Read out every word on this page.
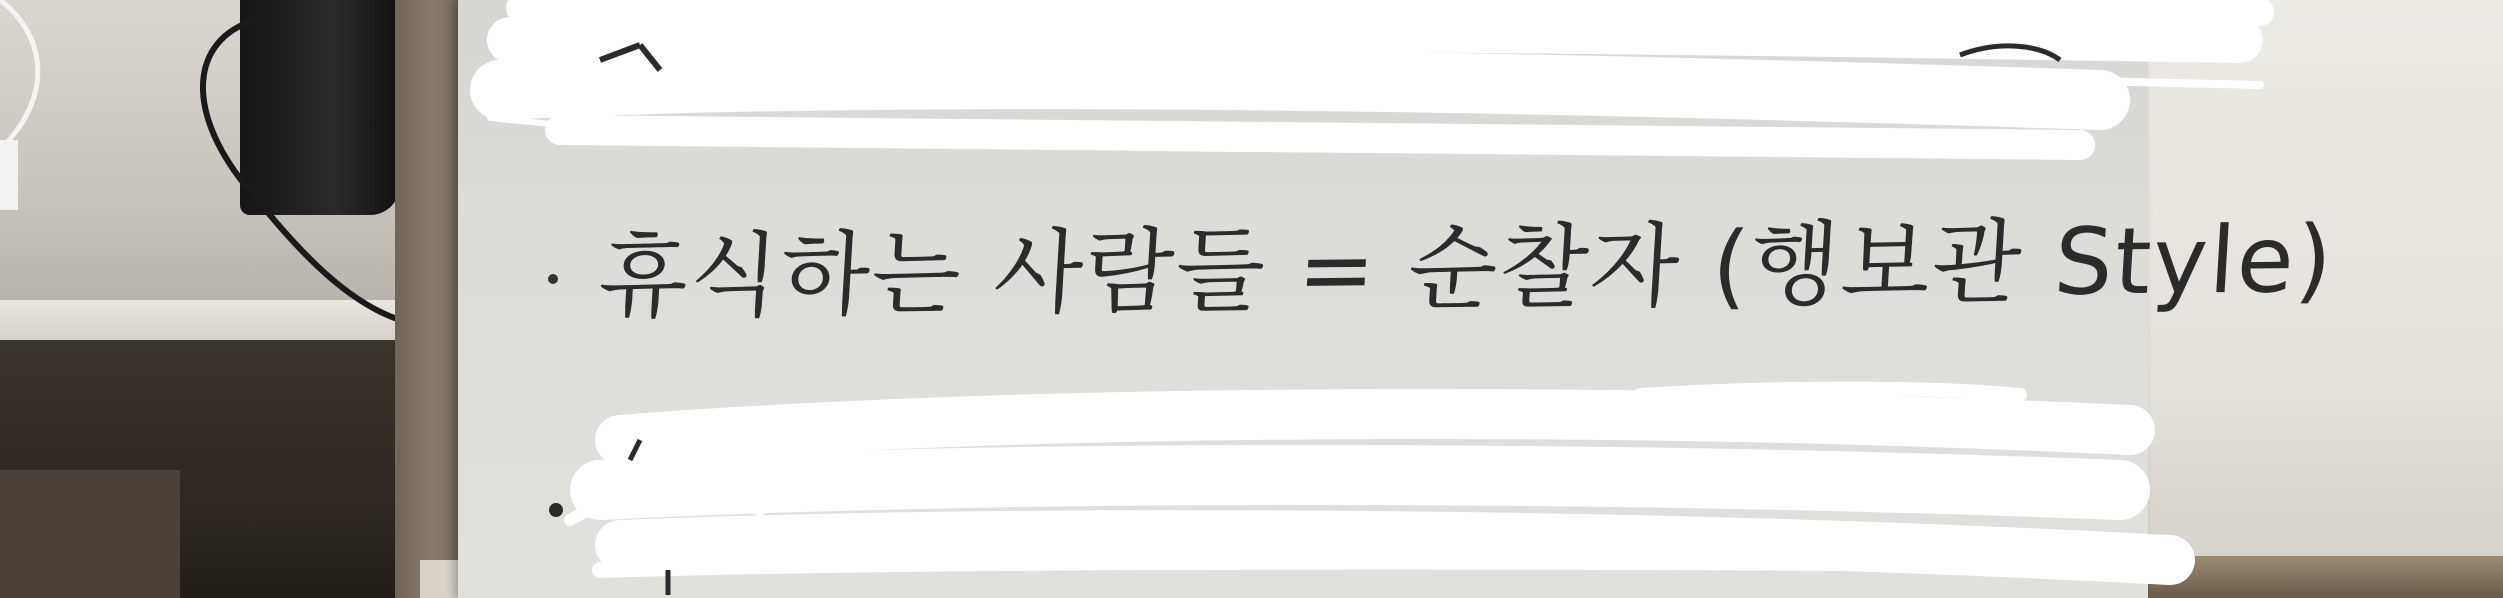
휴식하는 사람들 = 순찰자 (행보관 Style)
